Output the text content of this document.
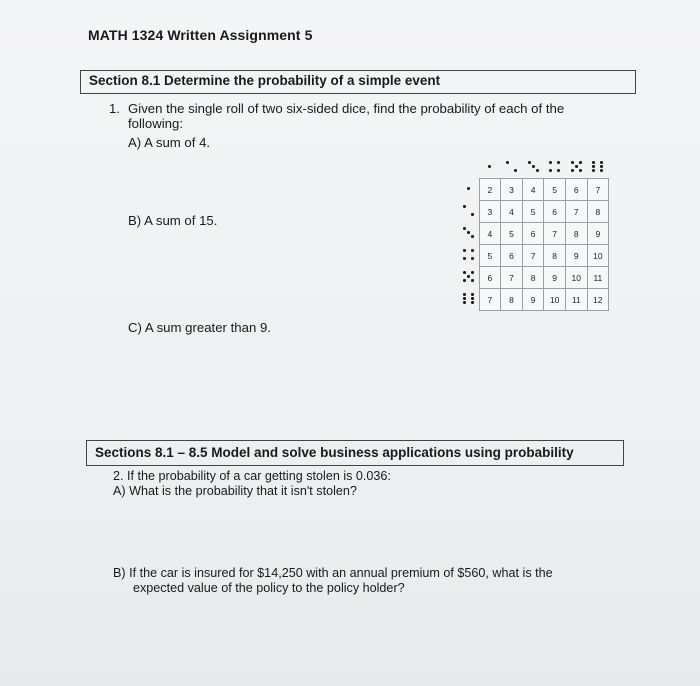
MATH 1324 Written Assignment 5
Section 8.1 Determine the probability of a simple event
1. Given the single roll of two six-sided dice, find the probability of each of the
following:
A) A sum of 4.
B) A sum of 15.
C) A sum greater than 9.

	2	3	4	5	6	7

	3	4	5	6	7	8

	4	5	6	7	8	9

	5	6	7	8	9	10

	6	7	8	9	10	11

	7	8	9	10	11	12
Sections 8.1 – 8.5 Model and solve business applications using probability
2. If the probability of a car getting stolen is 0.036:
A) What is the probability that it isn't stolen?
B) If the car is insured for $14,250 with an annual premium of $560, what is the
expected value of the policy to the policy holder?
